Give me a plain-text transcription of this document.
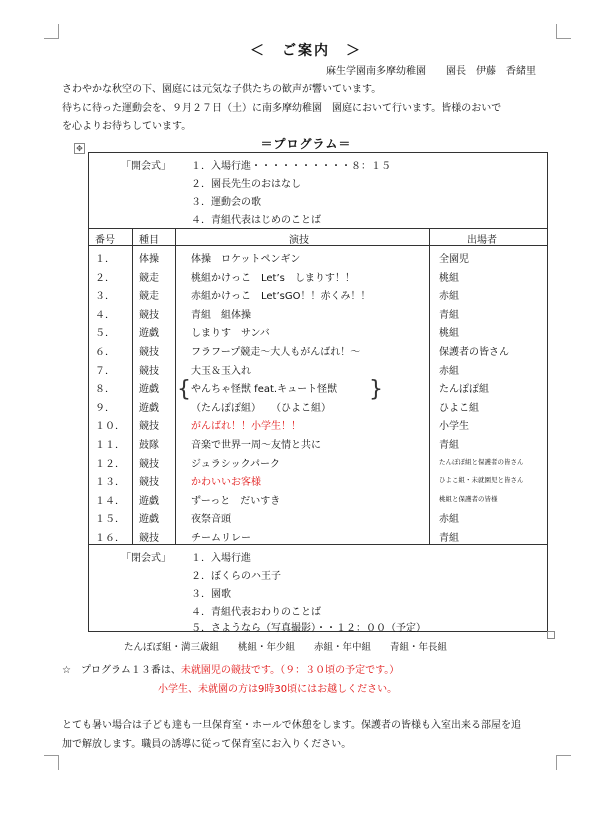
＜　ご案内　＞
麻生学園南多摩幼稚園　　園長　伊藤　香緒里
さわやかな秋空の下、園庭には元気な子供たちの歓声が響いています。
待ちに待った運動会を、９月２７日（土）に南多摩幼稚園　園庭において行います。皆様のおいで
を心よりお待ちしています。
＝プログラム＝
✥
「開会式」 １．入場行進・・・・・・・・・・８：１５
２．園長先生のおはなし
３．運動会の歌
４．青組代表はじめのことば
番号 種目	演技	出場者
１． 体操	体操　ロケットペンギン	全園児
２． 競走	桃組かけっこ　Let’s　しまりす！！	桃組
３． 競走	赤組かけっこ　Let’sGO！！赤くみ！！	赤組
４． 競技	青組　組体操	青組
５． 遊戯	しまりす　サンバ	桃組
６． 競技	フラフープ競走～大人もがんばれ！～	保護者の皆さん
７． 競技	大玉＆玉入れ	赤組
８． 遊戯	やんちゃ怪獣 feat.キュート怪獣	たんぽぽ組
９． 遊戯	（たんぽぽ組）　　（ひよこ組）	ひよこ組
１０． 競技	がんばれ！！小学生！！	小学生
１１． 鼓隊	音楽で世界一周～友情と共に	青組
１２． 競技	ジュラシックパーク	たんぽぽ組と保護者の皆さん
１３． 競技	かわいいお客様	ひよこ組・未就園児と皆さん
１４． 遊戯	ずーっと　だいすき	桃組と保護者の皆様
１５． 遊戯	夜祭音頭	赤組
１６． 競技	チームリレー	青組
{	}
「閉会式」 １．入場行進
２．ぼくらのハ王子
３．園歌
４．青組代表おわりのことば
５．さようなら（写真撮影）・・１２：００（予定）
たんぽぽ組・満三歳組　　桃組・年少組　　赤組・年中組　　青組・年長組
☆　プログラム１３番は、未就園児の競技です。（９：３０頃の予定です。）
小学生、未就園の方は9時30頃にはお越しください。
とても暑い場合は子ども達も一旦保育室・ホールで休憩をします。保護者の皆様も入室出来る部屋を追
加で解放します。職員の誘導に従って保育室にお入りください。
